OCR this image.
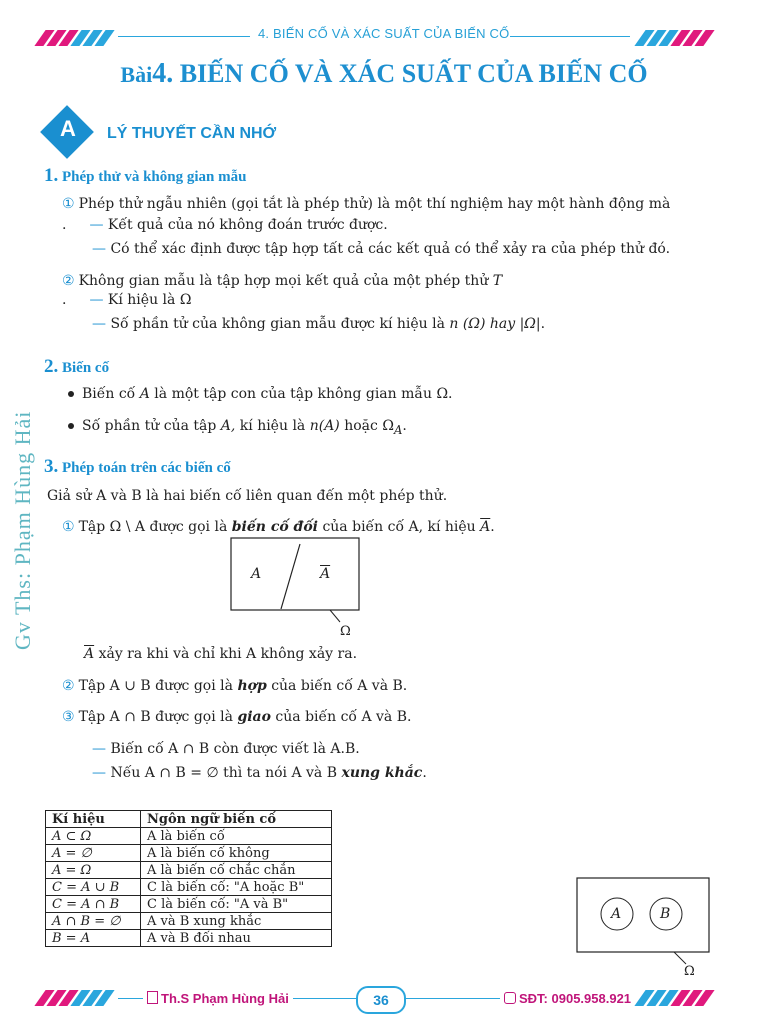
4. BIẾN CỐ VÀ XÁC SUẤT CỦA BIẾN CỐ
Bài4. BIẾN CỐ VÀ XÁC SUẤT CỦA BIẾN CỐ
A	LÝ THUYẾT CẦN NHỚ
Gv Ths: Phạm Hùng Hải
1. Phép thử và không gian mẫu
① Phép thử ngẫu nhiên (gọi tắt là phép thử) là một thí nghiệm hay một hành động mà
. — Kết quả của nó không đoán trước được.
— Có thể xác định được tập hợp tất cả các kết quả có thể xảy ra của phép thử đó.
② Không gian mẫu là tập hợp mọi kết quả của một phép thử T
. — Kí hiệu là Ω
— Số phần tử của không gian mẫu được kí hiệu là n (Ω) hay |Ω|.
2. Biến cố
Biến cố A là một tập con của tập không gian mẫu Ω.
Số phần tử của tập A, kí hiệu là n(A) hoặc $\Omega_A$.
3. Phép toán trên các biến cố
Giả sử A và B là hai biến cố liên quan đến một phép thử.
① Tập Ω \ A được gọi là biến cố đối của biến cố A, kí hiệu $\overline{A}$.
A	$\overline{A}$
Ω
$\overline{A}$ xảy ra khi và chỉ khi A không xảy ra.
② Tập A ∪ B được gọi là hợp của biến cố A và B.
③ Tập A ∩ B được gọi là giao của biến cố A và B.
— Biến cố A ∩ B còn được viết là A.B.
— Nếu A ∩ B = ∅ thì ta nói A và B xung khắc.
Kí hiệu	Ngôn ngữ biến cố
A ⊂ Ω	A là biến cố
A = ∅	A là biến cố không
A = Ω	A là biến cố chắc chắn
C = A ∪ B	C là biến cố: "A hoặc B"
C = A ∩ B	C là biến cố: "A và B"
A ∩ B = ∅	A và B xung khắc
B = A	A và B đối nhau
A	B
Ω
Th.S Phạm Hùng Hải	36	SĐT: 0905.958.921
